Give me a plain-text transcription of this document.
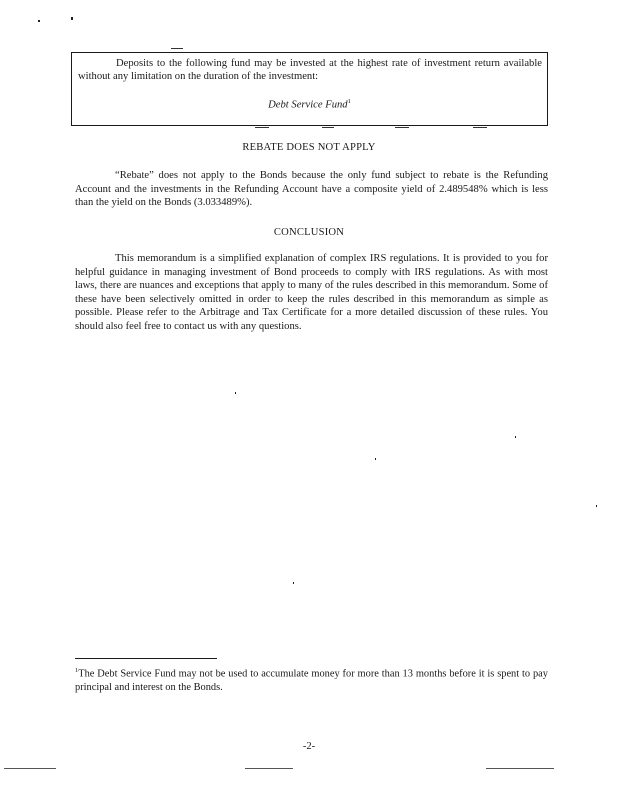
Deposits to the following fund may be invested at the highest rate of investment return available without any limitation on the duration of the investment:
Debt Service Fund$^1$
REBATE DOES NOT APPLY
“Rebate” does not apply to the Bonds because the only fund subject to rebate is the Refunding Account and the investments in the Refunding Account have a composite yield of 2.489548% which is less than the yield on the Bonds (3.033489%).
CONCLUSION
This memorandum is a simplified explanation of complex IRS regulations. It is provided to you for helpful guidance in managing investment of Bond proceeds to comply with IRS regulations. As with most laws, there are nuances and exceptions that apply to many of the rules described in this memorandum. Some of these have been selectively omitted in order to keep the rules described in this memorandum as simple as possible. Please refer to the Arbitrage and Tax Certificate for a more detailed discussion of these rules. You should also feel free to contact us with any questions.
$^1$The Debt Service Fund may not be used to accumulate money for more than 13 months before it is spent to pay principal and interest on the Bonds.
-2-
